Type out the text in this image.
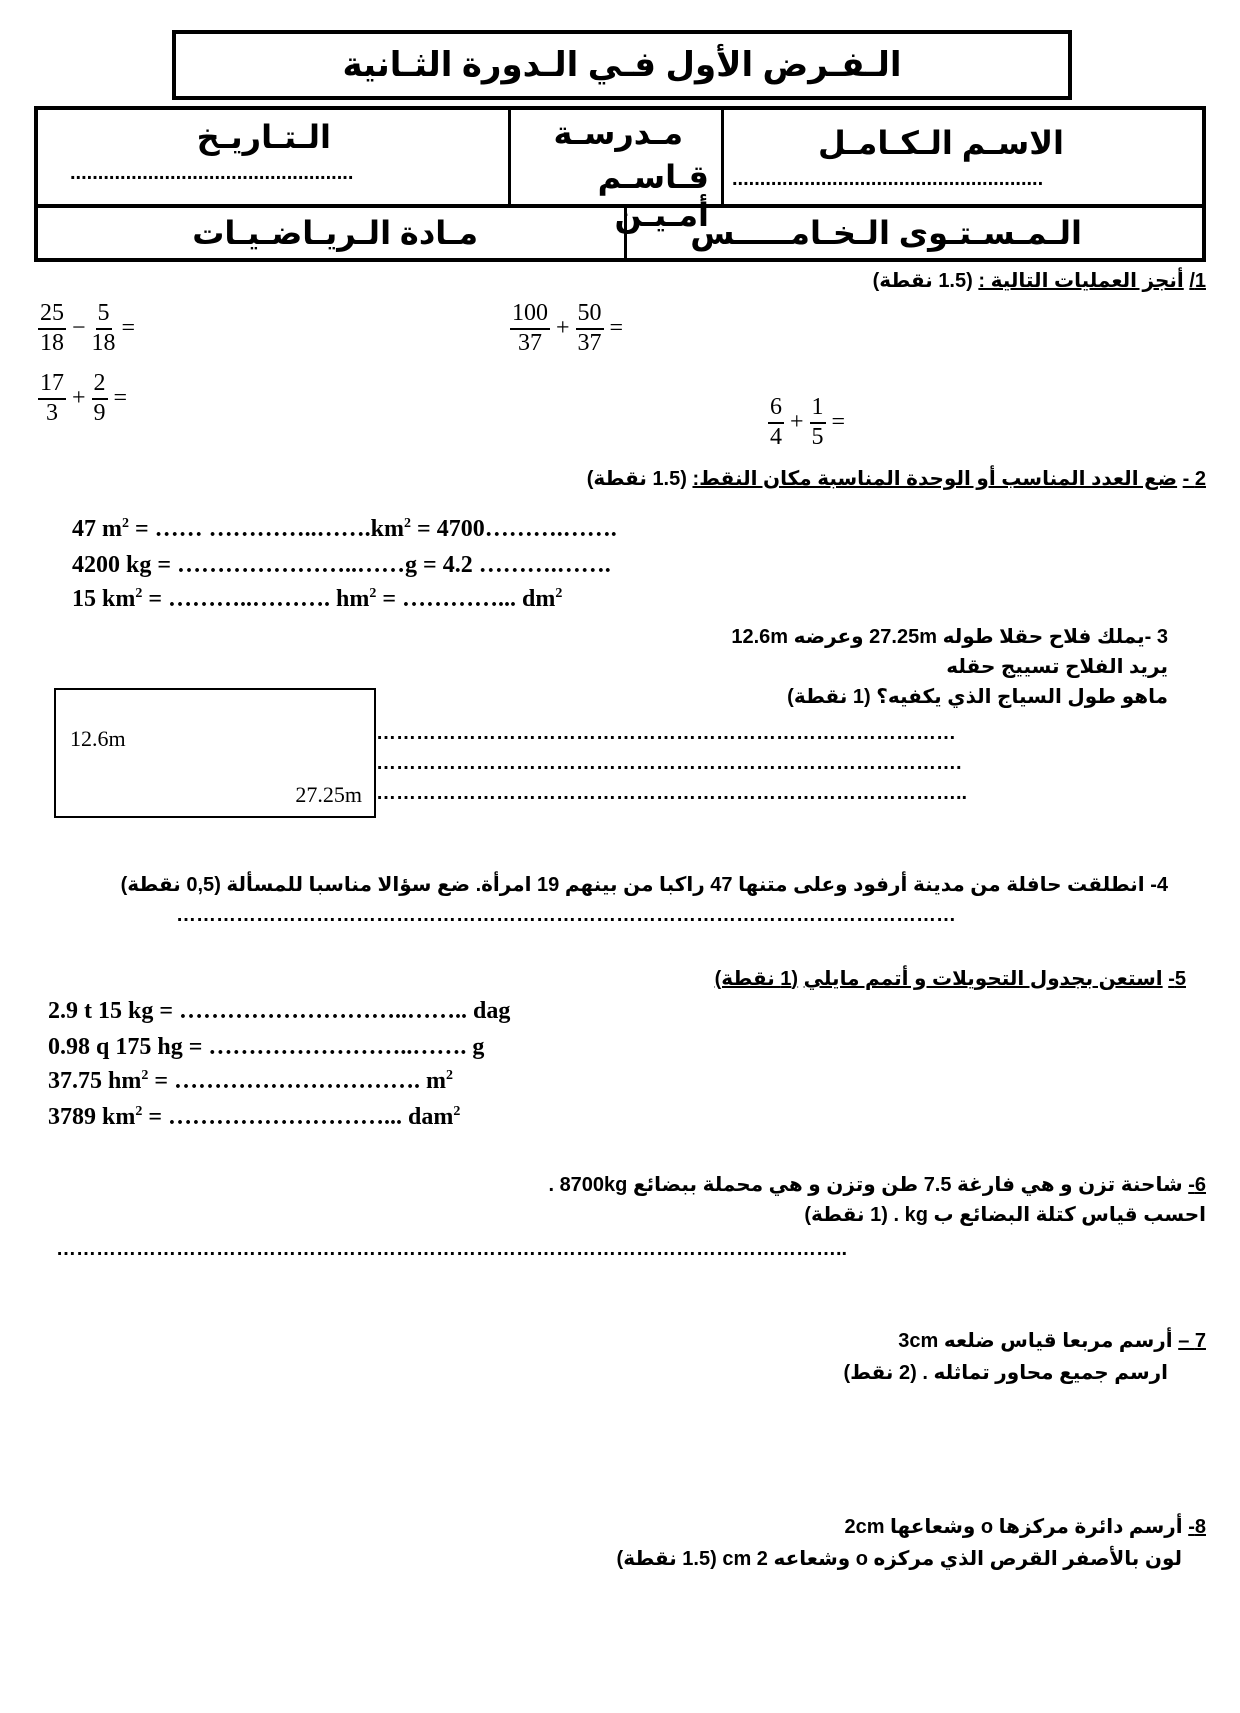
الـفـرض الأول فـي الـدورة الثـانية
الاسـم الـكـامـل
........................................................
مـدرسـة
قـاسـم أمـيـن
الـتـاريـخ
...................................................
الـمـسـتـوى الـخـامـــــس
مـادة الـريـاضـيـات
1/ أنجز العمليات التالية : (1.5 نقطة)
$\frac{25}{18} - \frac{5}{18}$ =	$\frac{100}{37} + \frac{50}{37}$ =
$\frac{17}{3} + \frac{2}{9}$ =	$\frac{6}{4} + \frac{1}{5}$ =
2 - ضع العدد المناسب أو الوحدة المناسبة مكان النقط: (1.5 نقطة)
47 $m^2$ = …… $\dots\dots\dots\dots..\dots\dots.km^2$ = 4700……….…….
4200 kg = …………………..……g = 4.2 ……….…….
15 $km^2$ = ………..………. $hm^2$ = …………... $dm^2$
3 -يملك فلاح حقلا طوله 27.25m وعرضه 12.6m
يريد الفلاح تسييج حقله
ماهو طول السياج الذي يكفيه؟ (1 نقطة)
12.6m
27.25m
……………………………………………………………………………
…………………………………………………………………………….
……………………………………………………………………………..
4- انطلقت حافلة من مدينة أرفود وعلى متنها 47 راكبا من بينهم 19 امرأة. ضع سؤالا مناسبا للمسألة (0,5 نقطة)
………………………………………………………………………………………………………
5- استعن بجدول التحويلات و أتمم مايلي (1 نقطة)
2.9 t 15 kg = ………………………..…….. dag
0.98 q 175 hg = ……………………..……. g
37.75 $hm^2$ = …………………………. $m^2$
3789 $km^2$ = ………………………... dam$^2$
6- شاحنة تزن و هي فارغة 7.5 طن وتزن و هي محملة ببضائع 8700kg .
احسب قياس كتلة البضائع ب kg . (1 نقطة)
………………………………………………………………………………………………………..
7 – أرسم مربعا قياس ضلعه 3cm
ارسم جميع محاور تماثله . (2 نقط)
8- أرسم دائرة مركزها o وشعاعها 2cm
لون بالأصفر القرص الذي مركزه o وشعاعه 2 cm (1.5 نقطة)
